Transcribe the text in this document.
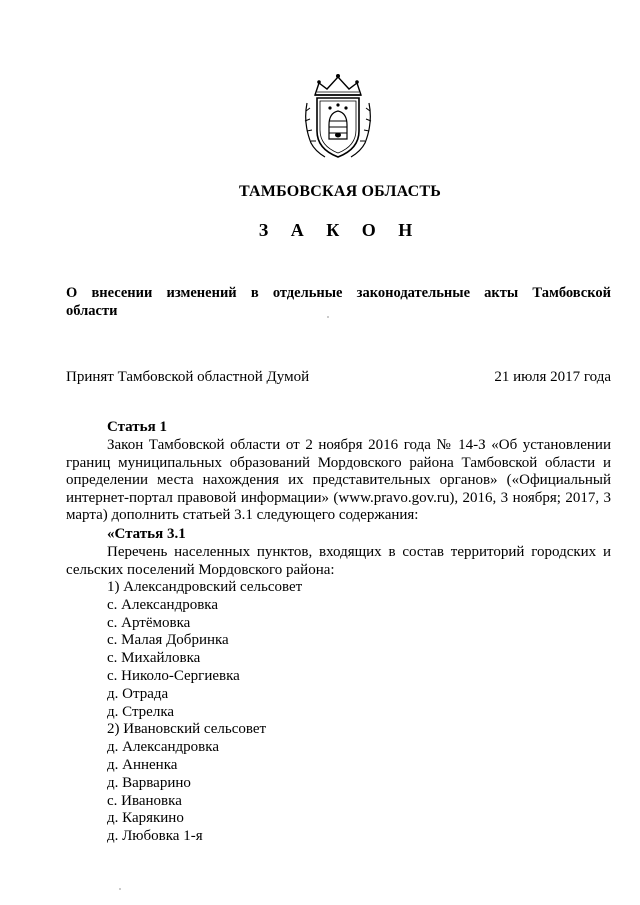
ТАМБОВСКАЯ ОБЛАСТЬ
З А К О Н
О внесении изменений в отдельные законодательные акты Тамбовской области
Принят Тамбовской областной Думой	21 июля 2017 года
Статья 1
Закон Тамбовской области от 2 ноября 2016 года № 14-З «Об установлении границ муниципальных образований Мордовского района Тамбовской области и определении места нахождения их представительных органов» («Официальный интернет-портал правовой информации» (www.pravo.gov.ru), 2016, 3 ноября; 2017, 3 марта) дополнить статьей 3.1 следующего содержания:
«Статья 3.1
Перечень населенных пунктов, входящих в состав территорий городских и сельских поселений Мордовского района:
1) Александровский сельсовет
с. Александровка
с. Артёмовка
с. Малая Добринка
с. Михайловка
с. Николо-Сергиевка
д. Отрада
д. Стрелка
2) Ивановский сельсовет
д. Александровка
д. Анненка
д. Варварино
с. Ивановка
д. Карякино
д. Любовка 1-я
